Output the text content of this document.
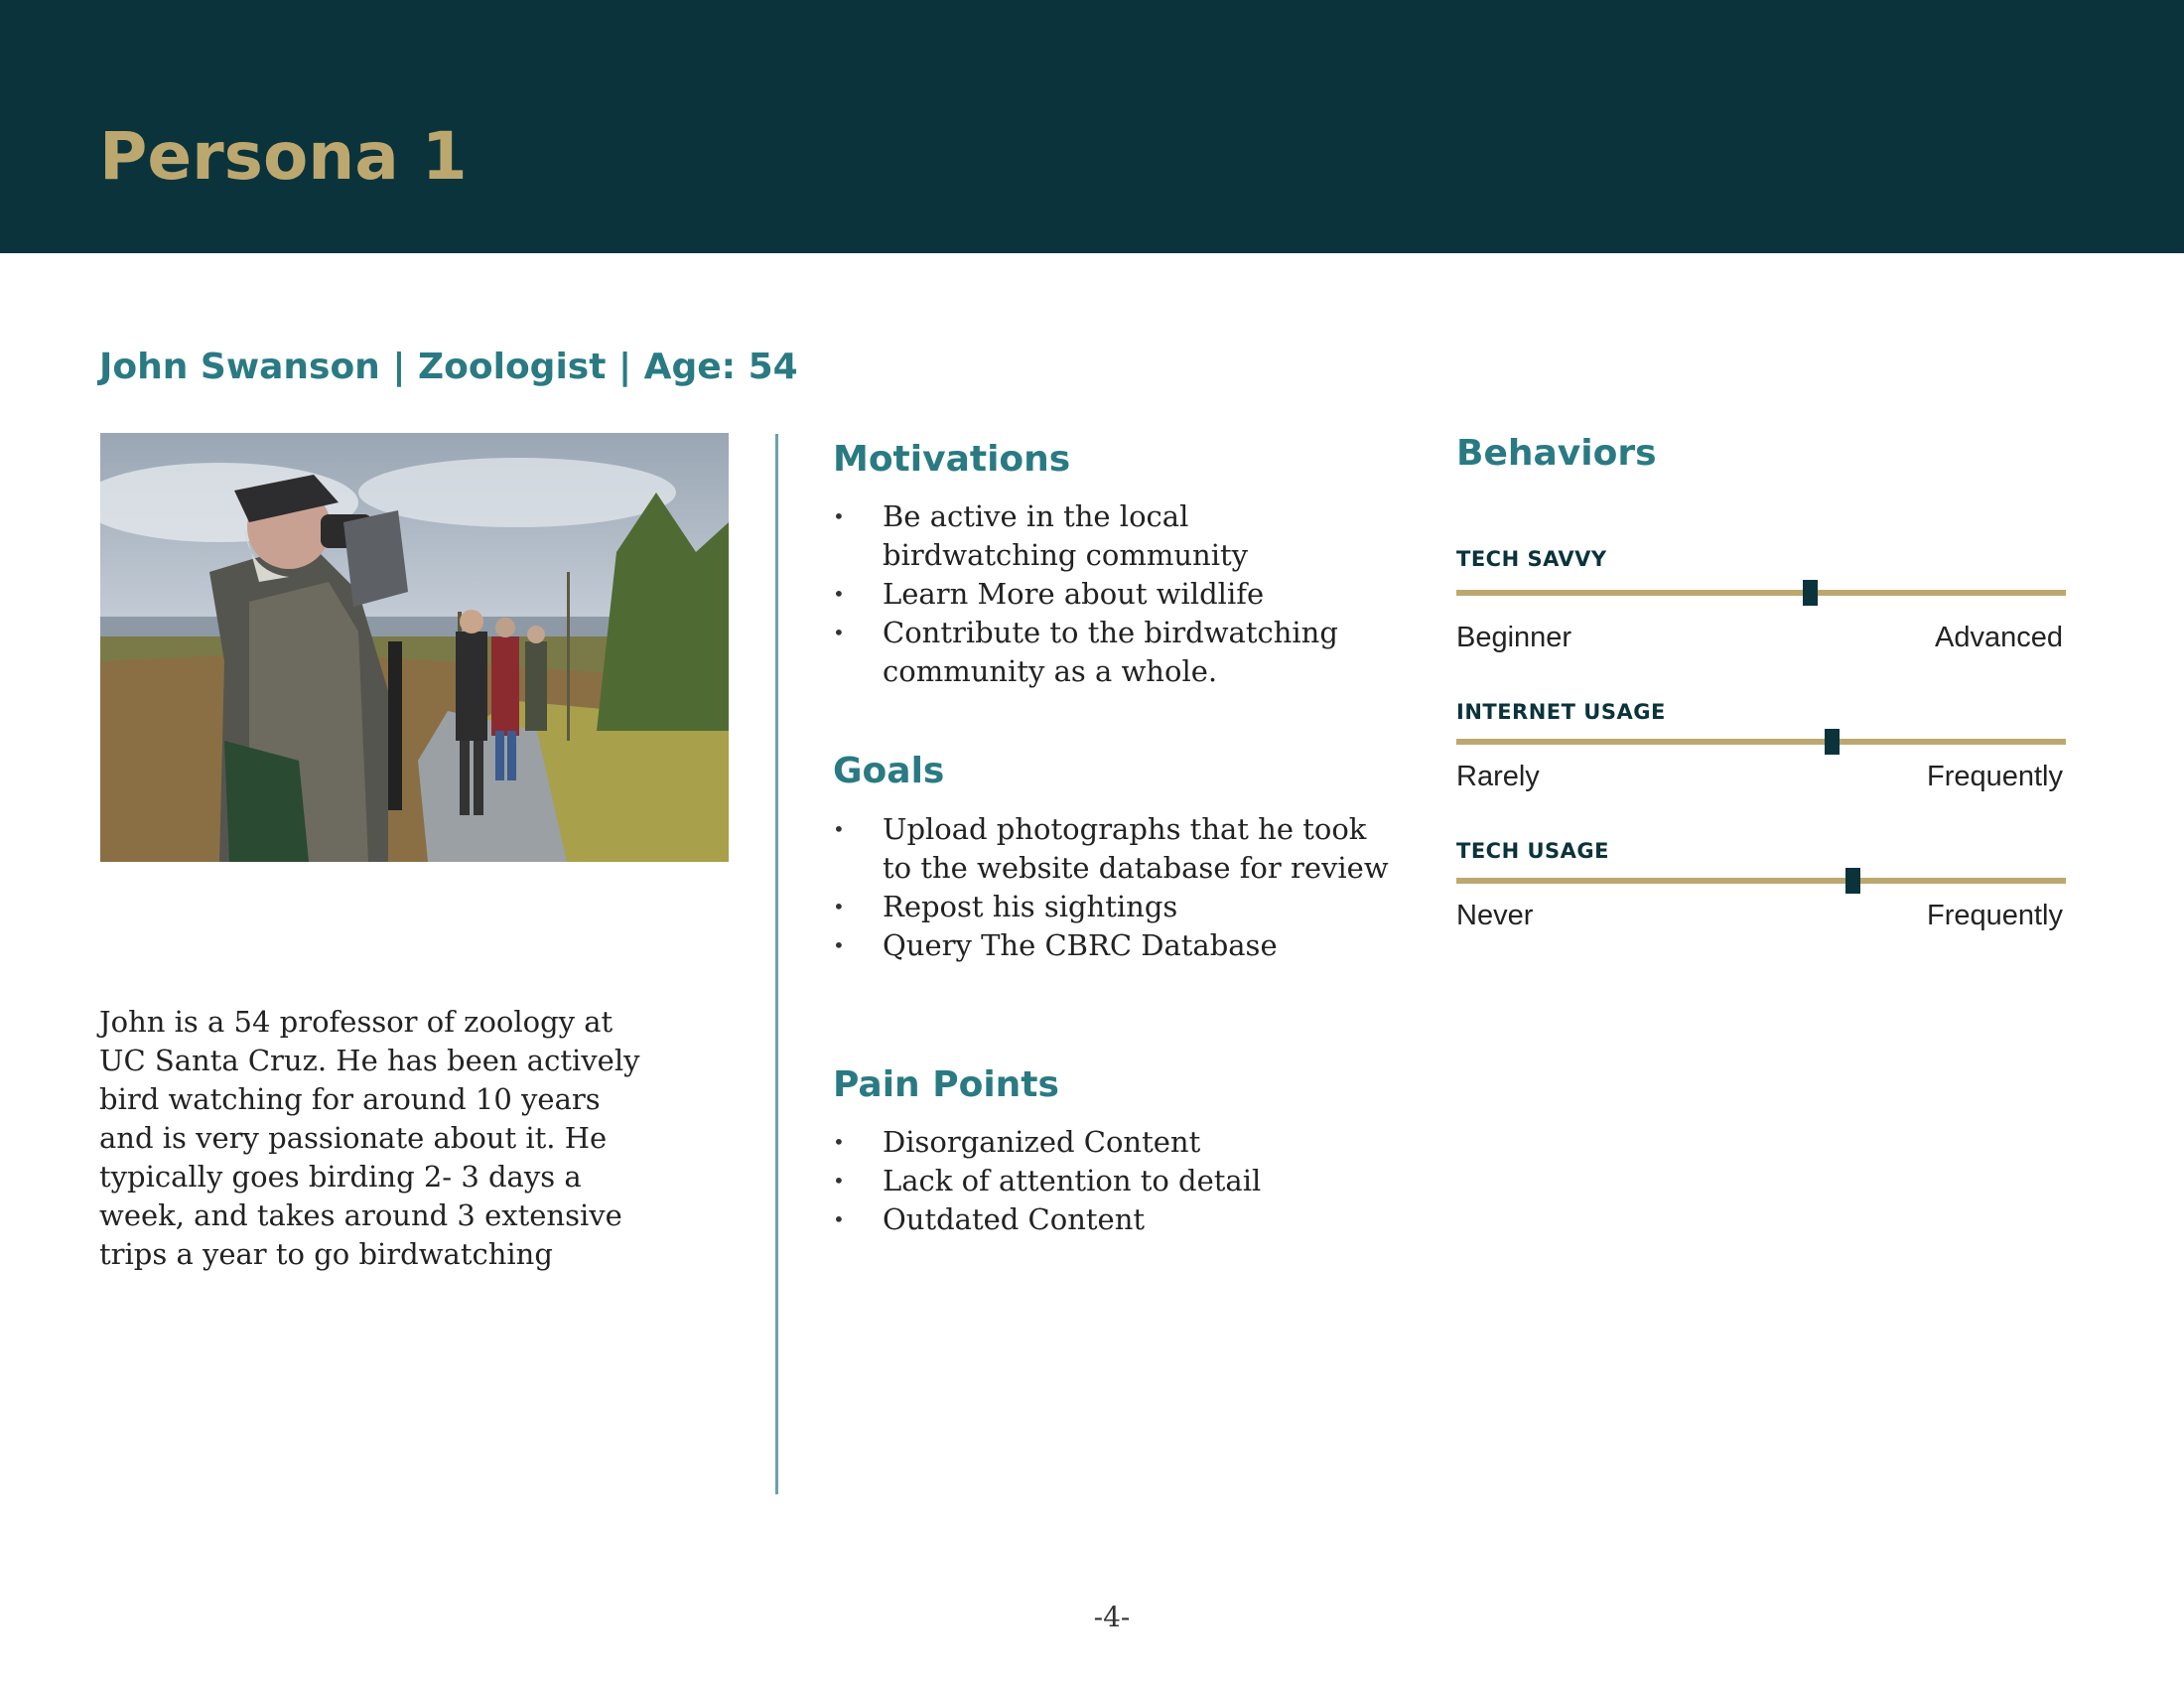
Persona 1
John Swanson | Zoologist | Age: 54

John is a 54 professor of zoology at UC Santa Cruz. He has been actively bird watching for around 10 years and is very passionate about it. He typically goes birding 2- 3 days a week, and takes around 3 extensive trips a year to go birdwatching

Motivations
• Be active in the local birdwatching community
• Learn More about wildlife
• Contribute to the birdwatching community as a whole.
Goals
• Upload photographs that he took to the website database for review
• Repost his sightings
• Query The CBRC Database
Pain Points
• Disorganized Content
• Lack of attention to detail
• Outdated Content
Behaviors

TECH SAVVY

Beginner	Advanced

INTERNET USAGE

Rarely	Frequently

TECH USAGE

Never	Frequently

-4-
